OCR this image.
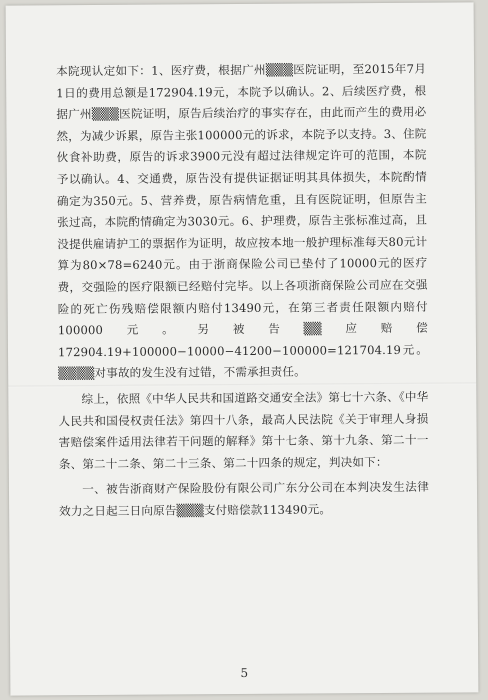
本院现认定如下：1、医疗费，根据广州▒▒▒医院证明，至2015年7月1日的费用总额是172904.19元，本院予以确认。2、后续医疗费，根据广州▒▒▒医院证明，原告后续治疗的事实存在，由此而产生的费用必然，为减少诉累，原告主张100000元的诉求，本院予以支持。3、住院伙食补助费，原告的诉求3900元没有超过法律规定许可的范围，本院予以确认。4、交通费，原告没有提供证据证明其具体损失，本院酌情确定为350元。5、营养费，原告病情危重，且有医院证明，但原告主张过高，本院酌情确定为3030元。6、护理费，原告主张标准过高，且没提供雇请护工的票据作为证明，故应按本地一般护理标准每天80元计算为80×78=6240元。由于浙商保险公司已垫付了10000元的医疗费，交强险的医疗限额已经赔付完毕。以上各项浙商保险公司应在交强险的死亡伤残赔偿限额内赔付13490元，在第三者责任限额内赔付100000元。另被告▒▒应赔偿172904.19+100000−10000−41200−100000=121704.19元。▒▒▒▒对事故的发生没有过错，不需承担责任。

综上，依照《中华人民共和国道路交通安全法》第七十六条、《中华人民共和国侵权责任法》第四十八条，最高人民法院《关于审理人身损害赔偿案件适用法律若干问题的解释》第十七条、第十九条、第二十一条、第二十二条、第二十三条、第二十四条的规定，判决如下：

一、被告浙商财产保险股份有限公司广东分公司在本判决发生法律效力之日起三日向原告▒▒▒支付赔偿款113490元。

5
